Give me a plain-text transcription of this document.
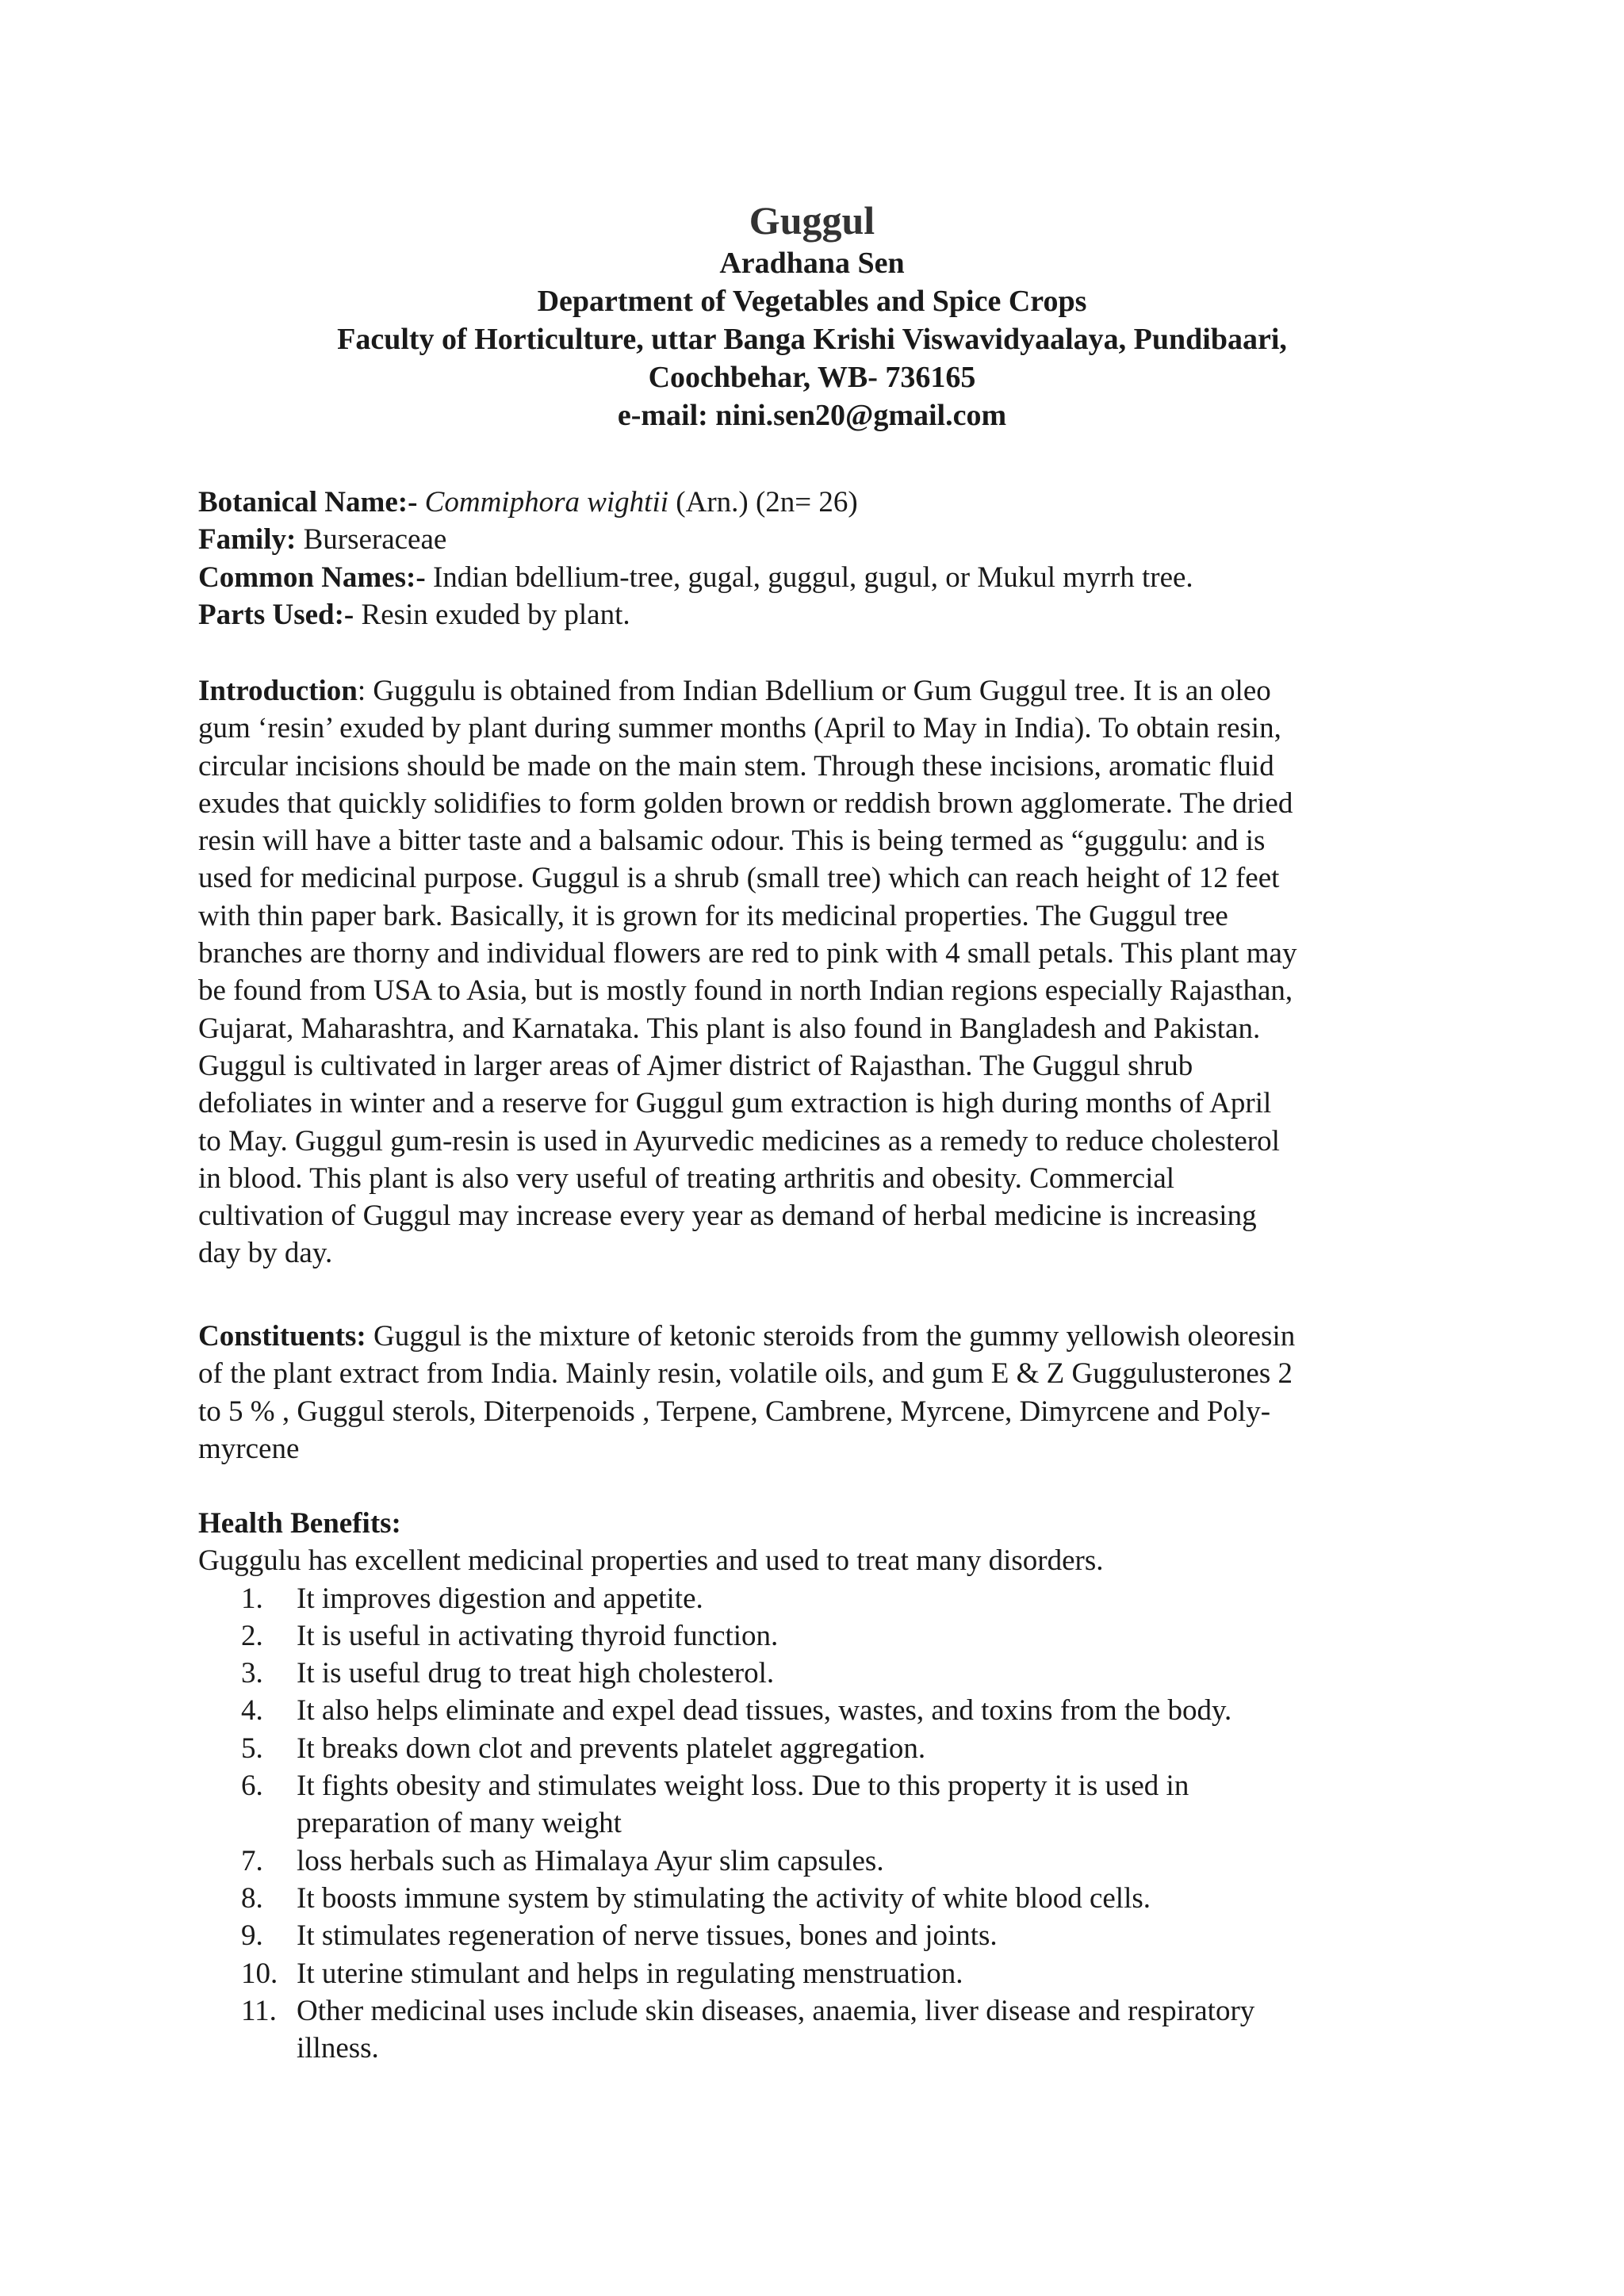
Guggul

Aradhana Sen

Department of Vegetables and Spice Crops

Faculty of Horticulture, uttar Banga Krishi Viswavidyaalaya, Pundibaari,

Coochbehar, WB- 736165

e-mail: nini.sen20@gmail.com

Botanical Name:- Commiphora wightii (Arn.) (2n= 26)

Family: Burseraceae

Common Names:- Indian bdellium-tree, gugal, guggul, gugul, or Mukul myrrh tree.

Parts Used:- Resin exuded by plant.

Introduction: Guggulu is obtained from Indian Bdellium or Gum Guggul tree. It is an oleo

gum ‘resin’ exuded by plant during summer months (April to May in India). To obtain resin,

circular incisions should be made on the main stem. Through these incisions, aromatic fluid

exudes that quickly solidifies to form golden brown or reddish brown agglomerate. The dried

resin will have a bitter taste and a balsamic odour. This is being termed as “guggulu: and is

used for medicinal purpose. Guggul is a shrub (small tree) which can reach height of 12 feet

with thin paper bark. Basically, it is grown for its medicinal properties. The Guggul tree

branches are thorny and individual flowers are red to pink with 4 small petals. This plant may

be found from USA to Asia, but is mostly found in north Indian regions especially Rajasthan,

Gujarat, Maharashtra, and Karnataka. This plant is also found in Bangladesh and Pakistan.

Guggul is cultivated in larger areas of Ajmer district of Rajasthan. The Guggul shrub

defoliates in winter and a reserve for Guggul gum extraction is high during months of April

to May. Guggul gum-resin is used in Ayurvedic medicines as a remedy to reduce cholesterol

in blood. This plant is also very useful of treating arthritis and obesity. Commercial

cultivation of Guggul may increase every year as demand of herbal medicine is increasing

day by day.

Constituents: Guggul is the mixture of ketonic steroids from the gummy yellowish oleoresin

of the plant extract from India. Mainly resin, volatile oils, and gum E & Z Guggulusterones 2

to 5 % , Guggul sterols, Diterpenoids , Terpene, Cambrene, Myrcene, Dimyrcene and Poly-

myrcene

Health Benefits:

Guggulu has excellent medicinal properties and used to treat many disorders.

1.	It improves digestion and appetite.
2.	It is useful in activating thyroid function.
3.	It is useful drug to treat high cholesterol.
4.	It also helps eliminate and expel dead tissues, wastes, and toxins from the body.
5.	It breaks down clot and prevents platelet aggregation.
6.	It fights obesity and stimulates weight loss. Due to this property it is used in
preparation of many weight
7.	loss herbals such as Himalaya Ayur slim capsules.
8.	It boosts immune system by stimulating the activity of white blood cells.
9.	It stimulates regeneration of nerve tissues, bones and joints.
10. It uterine stimulant and helps in regulating menstruation.
11. Other medicinal uses include skin diseases, anaemia, liver disease and respiratory
illness.
